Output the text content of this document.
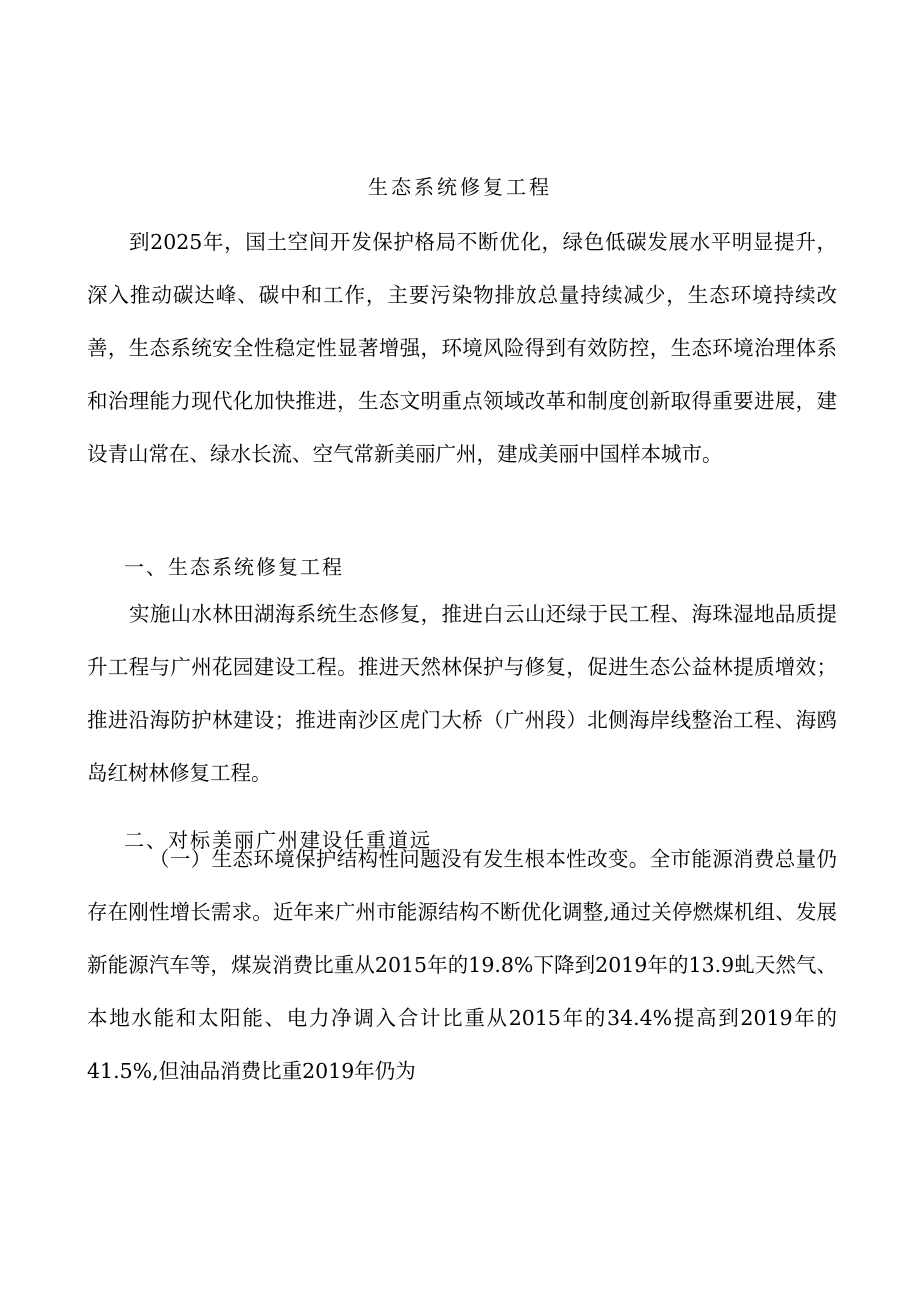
生态系统修复工程

到2025年，国土空间开发保护格局不断优化，绿色低碳发展水平明显提升，深入推动碳达峰、碳中和工作，主要污染物排放总量持续减少，生态环境持续改善，生态系统安全性稳定性显著增强，环境风险得到有效防控，生态环境治理体系和治理能力现代化加快推进，生态文明重点领域改革和制度创新取得重要进展，建设青山常在、绿水长流、空气常新美丽广州，建成美丽中国样本城市。

一、生态系统修复工程

实施山水林田湖海系统生态修复，推进白云山还绿于民工程、海珠湿地品质提升工程与广州花园建设工程。推进天然林保护与修复，促进生态公益林提质增效；推进沿海防护林建设；推进南沙区虎门大桥（广州段）北侧海岸线整治工程、海鸥岛红树林修复工程。

二、对标美丽广州建设任重道远

（一）生态环境保护结构性问题没有发生根本性改变。全市能源消费总量仍存在刚性增长需求。近年来广州市能源结构不断优化调整,通过关停燃煤机组、发展新能源汽车等，煤炭消费比重从2015年的19.8%下降到2019年的13.9虬天然气、本地水能和太阳能、电力净调入合计比重从2015年的34.4%提高到2019年的41.5%,但油品消费比重2019年仍为
